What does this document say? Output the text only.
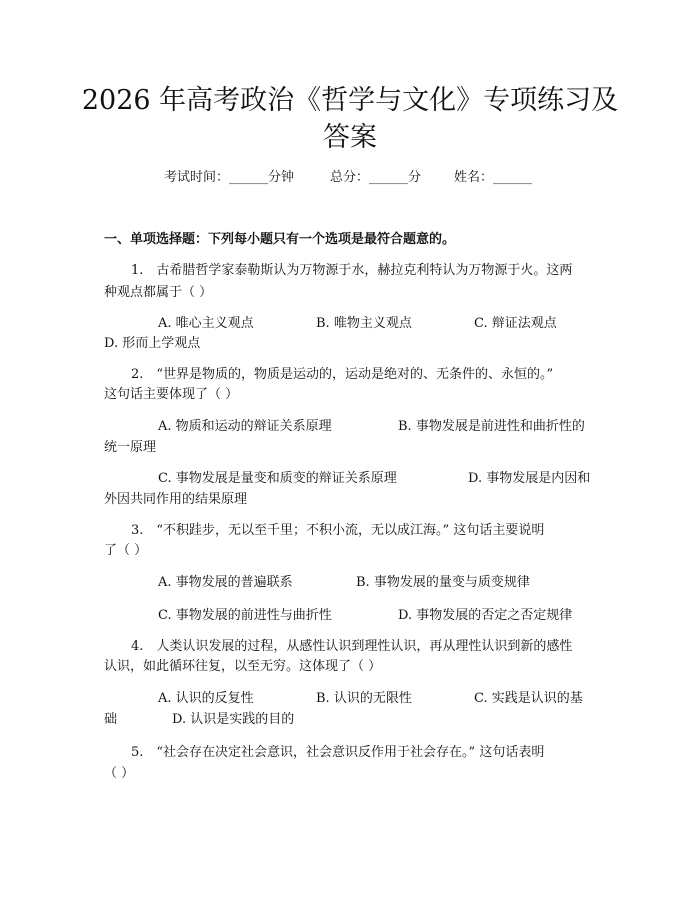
2026 年高考政治《哲学与文化》专项练习及
答案
考试时间：______分钟	总分：______分	姓名：______

一、单项选择题：下列每小题只有一个选项是最符合题意的。

1.　古希腊哲学家泰勒斯认为万物源于水，赫拉克利特认为万物源于火。这两
种观点都属于（ ）
A. 唯心主义观点	B. 唯物主义观点	C. 辩证法观点
D. 形而上学观点
2.　“世界是物质的，物质是运动的，运动是绝对的、无条件的、永恒的。”
这句话主要体现了（ ）
A. 物质和运动的辩证关系原理	B. 事物发展是前进性和曲折性的
统一原理
C. 事物发展是量变和质变的辩证关系原理	D. 事物发展是内因和
外因共同作用的结果原理
3.　“不积跬步，无以至千里；不积小流，无以成江海。” 这句话主要说明
了（ ）
A. 事物发展的普遍联系	B. 事物发展的量变与质变规律
C. 事物发展的前进性与曲折性	D. 事物发展的否定之否定规律
4.　人类认识发展的过程，从感性认识到理性认识，再从理性认识到新的感性
认识，如此循环往复，以至无穷。这体现了（ ）
A. 认识的反复性	B. 认识的无限性	C. 实践是认识的基
础	D. 认识是实践的目的
5.　“社会存在决定社会意识，社会意识反作用于社会存在。” 这句话表明
（ ）
